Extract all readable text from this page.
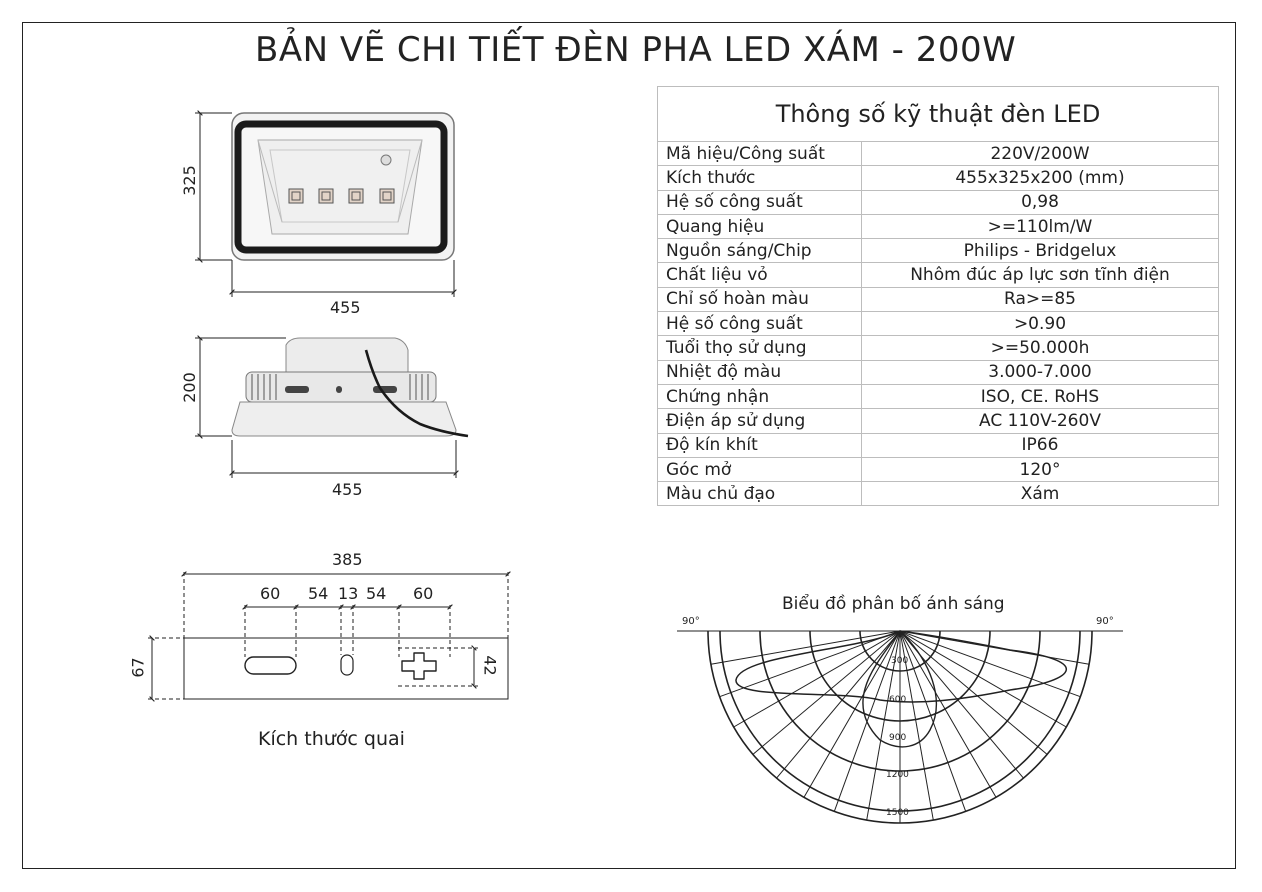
BẢN VẼ CHI TIẾT ĐÈN PHA LED XÁM - 200W
Thông số kỹ thuật đèn LED	
Mã hiệu/Công suất	220V/200W
Kích thước	455x325x200 (mm)
Hệ số công suất	0,98
Quang hiệu	>=110lm/W
Nguồn sáng/Chip	Philips - Bridgelux
Chất liệu vỏ	Nhôm đúc áp lực sơn tĩnh điện
Chỉ số hoàn màu	Ra>=85
Hệ số công suất	>0.90
Tuổi thọ sử dụng	>=50.000h
Nhiệt độ màu	3.000-7.000
Chứng nhận	ISO, CE. RoHS
Điện áp sử dụng	AC 110V-260V
Độ kín khít	IP66
Góc mở	120°
Màu chủ đạo	Xám
325
455
200
455
385
60 54 13 54 60
67	42
Kích thước quai
Biểu đồ phân bố ánh sáng
90°	90°
300
600
900
1200
1500
